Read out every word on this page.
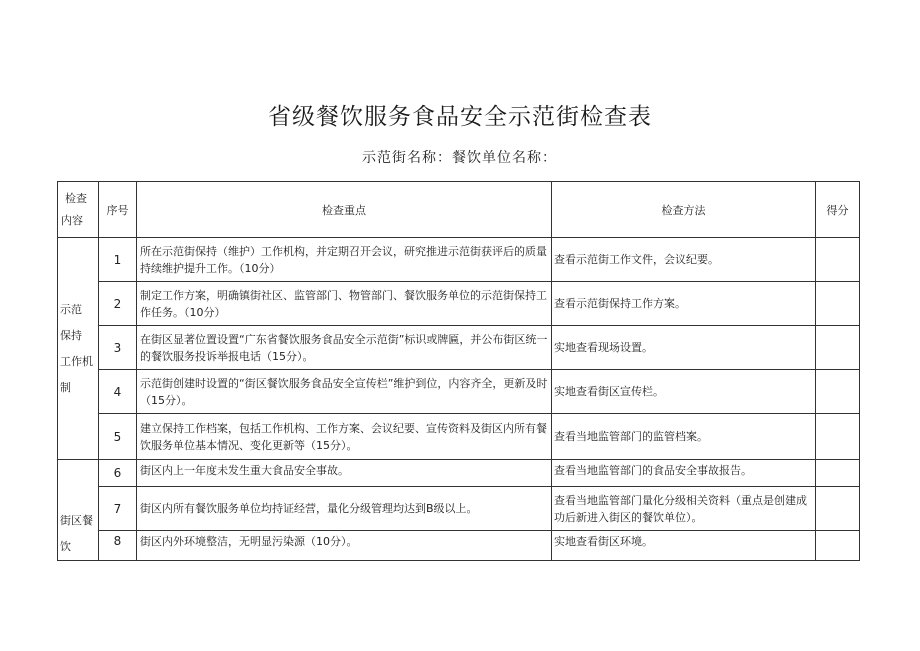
省级餐饮服务食品安全示范街检查表
示范街名称：餐饮单位名称：
检查
内容	序号	检查重点	检查方法	得分

示范
保持
工作机
制	1	所在示范街保持（维护）工作机构，并定期召开会议，研究推进示范街获评后的质量持续维护提升工作。（10分）	查看示范街工作文件，会议纪要。	
	2	制定工作方案，明确镇街社区、监管部门、物管部门、餐饮服务单位的示范街保持工作任务。（10分）	查看示范街保持工作方案。	
	3	在街区显著位置设置“广东省餐饮服务食品安全示范街”标识或牌匾，并公布街区统一的餐饮服务投诉举报电话（15分）。	实地查看现场设置。	
	4	示范街创建时设置的“街区餐饮服务食品安全宣传栏”维护到位，内容齐全，更新及时（15分）。	实地查看街区宣传栏。	
	5	建立保持工作档案，包括工作机构、工作方案、会议纪要、宣传资料及街区内所有餐饮服务单位基本情况、变化更新等（15分）。	查看当地监管部门的监管档案。	

街区餐
饮	6	街区内上一年度未发生重大食品安全事故。	查看当地监管部门的食品安全事故报告。	
	7	街区内所有餐饮服务单位均持证经营，量化分级管理均达到B级以上。	查看当地监管部门量化分级相关资料（重点是创建成功后新进入街区的餐饮单位）。	
	8	街区内外环境整洁，无明显污染源（10分）。	实地查看街区环境。	
